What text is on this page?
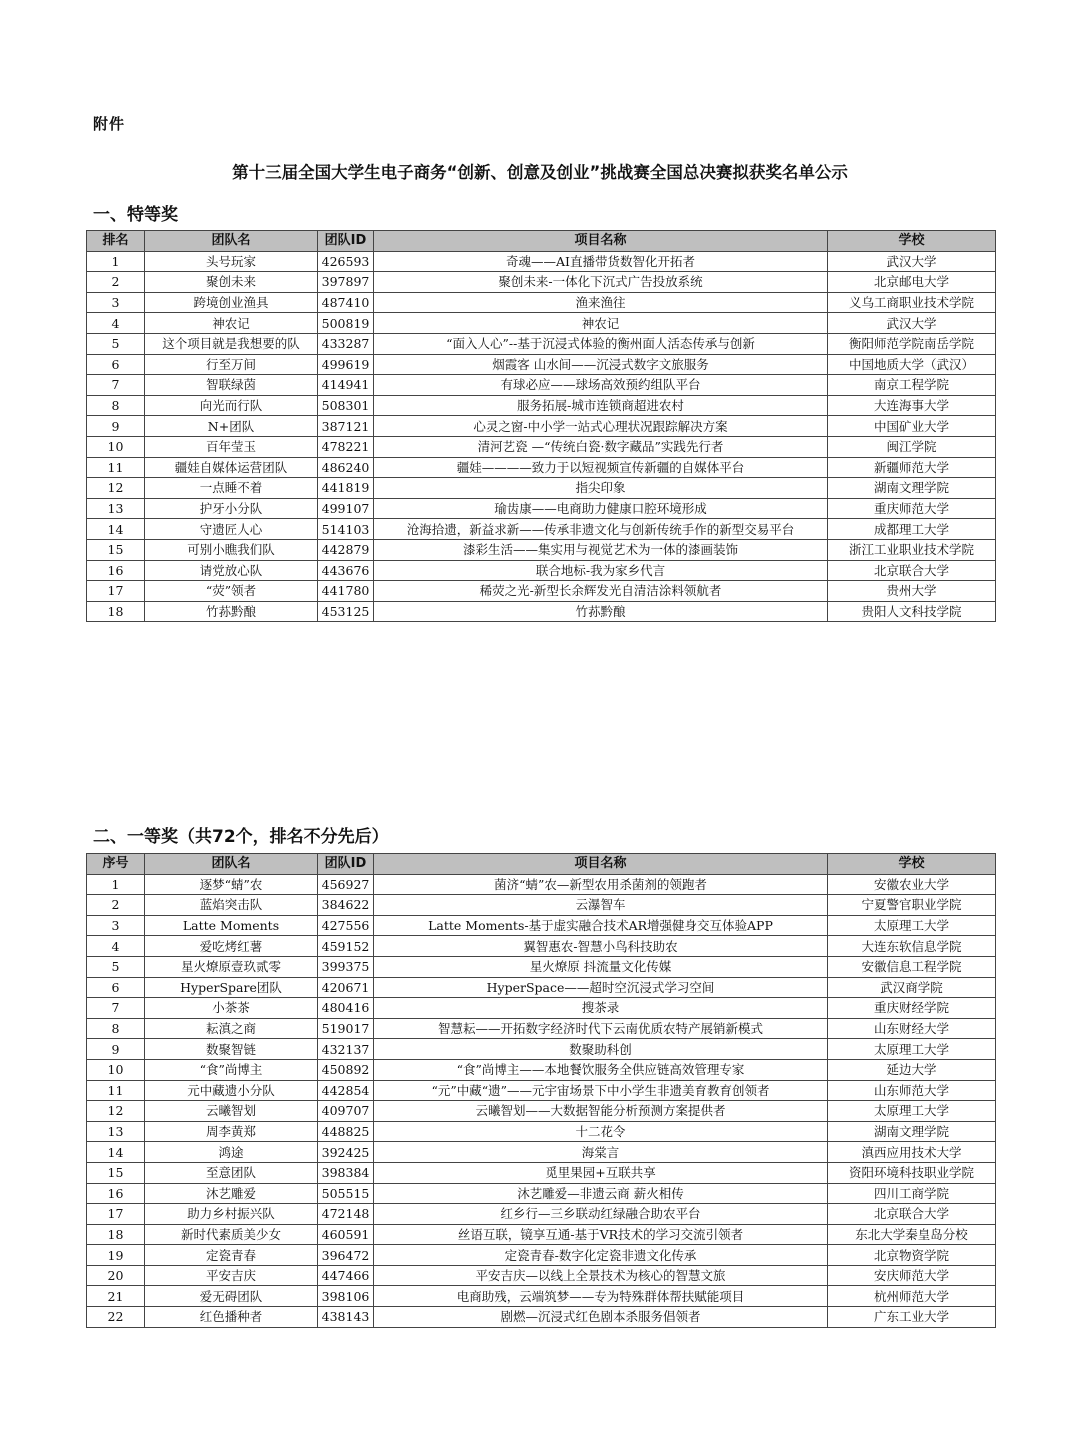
附件
第十三届全国大学生电子商务“创新、创意及创业”挑战赛全国总决赛拟获奖名单公示
一、特等奖
排名	团队名	团队ID	项目名称	学校
1	头号玩家	426593	奇魂——AI直播带货数智化开拓者	武汉大学
2	聚创未来	397897	聚创未来-一体化下沉式广告投放系统	北京邮电大学
3	跨境创业渔具	487410	渔来渔往	义乌工商职业技术学院
4	神农记	500819	神农记	武汉大学
5	这个项目就是我想要的队	433287	“面入人心”--基于沉浸式体验的衡州面人活态传承与创新	衡阳师范学院南岳学院
6	行至万间	499619	烟霞客 山水间——沉浸式数字文旅服务	中国地质大学（武汉）
7	智联绿茵	414941	有球必应——球场高效预约组队平台	南京工程学院
8	向光而行队	508301	服务拓展-城市连锁商超进农村	大连海事大学
9	N+团队	387121	心灵之窗-中小学一站式心理状况跟踪解决方案	中国矿业大学
10	百年莹玉	478221	清河艺瓷 —“传统白瓷·数字藏品”实践先行者	闽江学院
11	疆娃自媒体运营团队	486240	疆娃————致力于以短视频宣传新疆的自媒体平台	新疆师范大学
12	一点睡不着	441819	指尖印象	湖南文理学院
13	护牙小分队	499107	瑜齿康——电商助力健康口腔环境形成	重庆师范大学
14	守遗匠人心	514103	沧海拾遗，新益求新——传承非遗文化与创新传统手作的新型交易平台	成都理工大学
15	可别小瞧我们队	442879	漆彩生活——集实用与视觉艺术为一体的漆画装饰	浙江工业职业技术学院
16	请党放心队	443676	联合地标-我为家乡代言	北京联合大学
17	“荧”领者	441780	稀荧之光-新型长余辉发光自清洁涂料领航者	贵州大学
18	竹荪黔酿	453125	竹荪黔酿	贵阳人文科技学院
二、一等奖（共72个，排名不分先后）
序号	团队名	团队ID	项目名称	学校
1	逐梦“蜻”农	456927	菌济“蜻”农—新型农用杀菌剂的领跑者	安徽农业大学
2	蓝焰突击队	384622	云瀑智车	宁夏警官职业学院
3	Latte Moments	427556	Latte Moments-基于虚实融合技术AR增强健身交互体验APP	太原理工大学
4	爱吃烤红薯	459152	翼智惠农-智慧小鸟科技助农	大连东软信息学院
5	星火燎原壹玖贰零	399375	星火燎原 抖流量文化传媒	安徽信息工程学院
6	HyperSpare团队	420671	HyperSpace——超时空沉浸式学习空间	武汉商学院
7	小茶茶	480416	搜茶录	重庆财经学院
8	耘滇之商	519017	智慧耘——开拓数字经济时代下云南优质农特产展销新模式	山东财经大学
9	数聚智链	432137	数聚助科创	太原理工大学
10	“食”尚博主	450892	“食”尚博主——本地餐饮服务全供应链高效管理专家	延边大学
11	元中藏遗小分队	442854	“元”中藏“遗”——元宇宙场景下中小学生非遗美育教育创领者	山东师范大学
12	云曦智划	409707	云曦智划——大数据智能分析预测方案提供者	太原理工大学
13	周李黄郑	448825	十二花令	湖南文理学院
14	鸿途	392425	海棠言	滇西应用技术大学
15	至意团队	398384	觅里果园+互联共享	资阳环境科技职业学院
16	沐艺雕爱	505515	沐艺雕爱—非遗云商 薪火相传	四川工商学院
17	助力乡村振兴队	472148	红乡行—三乡联动红绿融合助农平台	北京联合大学
18	新时代素质美少女	460591	丝语互联，镜享互通-基于VR技术的学习交流引领者	东北大学秦皇岛分校
19	定瓷青春	396472	定瓷青春-数字化定瓷非遗文化传承	北京物资学院
20	平安吉庆	447466	平安吉庆—以线上全景技术为核心的智慧文旅	安庆师范大学
21	爱无碍团队	398106	电商助残，云端筑梦——专为特殊群体帮扶赋能项目	杭州师范大学
22	红色播种者	438143	剧燃—沉浸式红色剧本杀服务倡领者	广东工业大学
